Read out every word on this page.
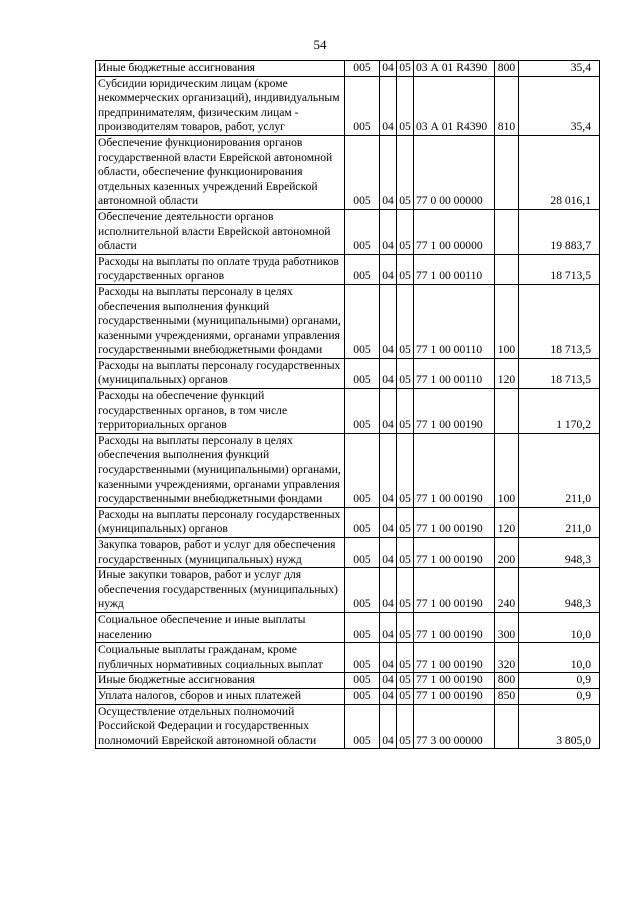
54
Иные бюджетные ассигнования	005	04	05	03 А 01 R4390	800	35,4
Субсидии юридическим лицам (кроме некоммерческих организаций), индивидуальным предпринимателям, физическим лицам - производителям товаров, работ, услуг	005	04	05	03 А 01 R4390	810	35,4
Обеспечение функционирования органов государственной власти Еврейской автономной области, обеспечение функционирования отдельных казенных учреждений Еврейской автономной области	005	04	05	77 0 00 00000		28 016,1
Обеспечение деятельности органов исполнительной власти Еврейской автономной области	005	04	05	77 1 00 00000		19 883,7
Расходы на выплаты по оплате труда работников государственных органов	005	04	05	77 1 00 00110		18 713,5
Расходы на выплаты персоналу в целях обеспечения выполнения функций государственными (муниципальными) органами, казенными учреждениями, органами управления государственными внебюджетными фондами	005	04	05	77 1 00 00110	100	18 713,5
Расходы на выплаты персоналу государственных (муниципальных) органов	005	04	05	77 1 00 00110	120	18 713,5
Расходы на обеспечение функций государственных органов, в том числе территориальных органов	005	04	05	77 1 00 00190		1 170,2
Расходы на выплаты персоналу в целях обеспечения выполнения функций государственными (муниципальными) органами, казенными учреждениями, органами управления государственными внебюджетными фондами	005	04	05	77 1 00 00190	100	211,0
Расходы на выплаты персоналу государственных (муниципальных) органов	005	04	05	77 1 00 00190	120	211,0
Закупка товаров, работ и услуг для обеспечения государственных (муниципальных) нужд	005	04	05	77 1 00 00190	200	948,3
Иные закупки товаров, работ и услуг для обеспечения государственных (муниципальных) нужд	005	04	05	77 1 00 00190	240	948,3
Социальное обеспечение и иные выплаты населению	005	04	05	77 1 00 00190	300	10,0
Социальные выплаты гражданам, кроме публичных нормативных социальных выплат	005	04	05	77 1 00 00190	320	10,0
Иные бюджетные ассигнования	005	04	05	77 1 00 00190	800	0,9
Уплата налогов, сборов и иных платежей	005	04	05	77 1 00 00190	850	0,9
Осуществление отдельных полномочий Российской Федерации и государственных полномочий Еврейской автономной области	005	04	05	77 3 00 00000		3 805,0
